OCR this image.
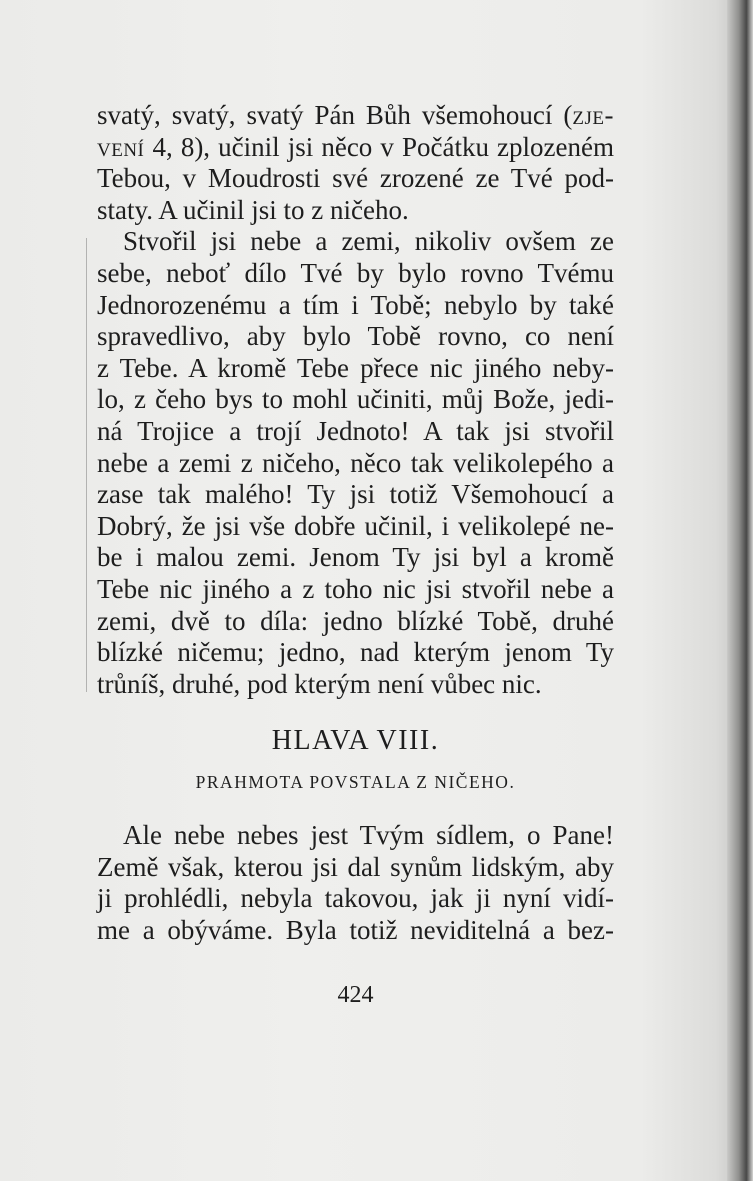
svatý, svatý, svatý Pán Bůh všemohoucí (zje-
vení 4, 8), učinil jsi něco v Počátku zplozeném
Tebou, v Moudrosti své zrozené ze Tvé pod-
staty. A učinil jsi to z ničeho.
Stvořil jsi nebe a zemi, nikoliv ovšem ze
sebe, neboť dílo Tvé by bylo rovno Tvému
Jednorozenému a tím i Tobě; nebylo by také
spravedlivo, aby bylo Tobě rovno, co není
z Tebe. A kromě Tebe přece nic jiného neby-
lo, z čeho bys to mohl učiniti, můj Bože, jedi-
ná Trojice a trojí Jednoto! A tak jsi stvořil
nebe a zemi z ničeho, něco tak velikolepého a
zase tak malého! Ty jsi totiž Všemohoucí a
Dobrý, že jsi vše dobře učinil, i velikolepé ne-
be i malou zemi. Jenom Ty jsi byl a kromě
Tebe nic jiného a z toho nic jsi stvořil nebe a
zemi, dvě to díla: jedno blízké Tobě, druhé
blízké ničemu; jedno, nad kterým jenom Ty
trůníš, druhé, pod kterým není vůbec nic.
HLAVA VIII.
PRAHMOTA POVSTALA Z NIČEHO.
Ale nebe nebes jest Tvým sídlem, o Pane!
Země však, kterou jsi dal synům lidským, aby
ji prohlédli, nebyla takovou, jak ji nyní vidí-
me a obýváme. Byla totiž neviditelná a bez-
424
